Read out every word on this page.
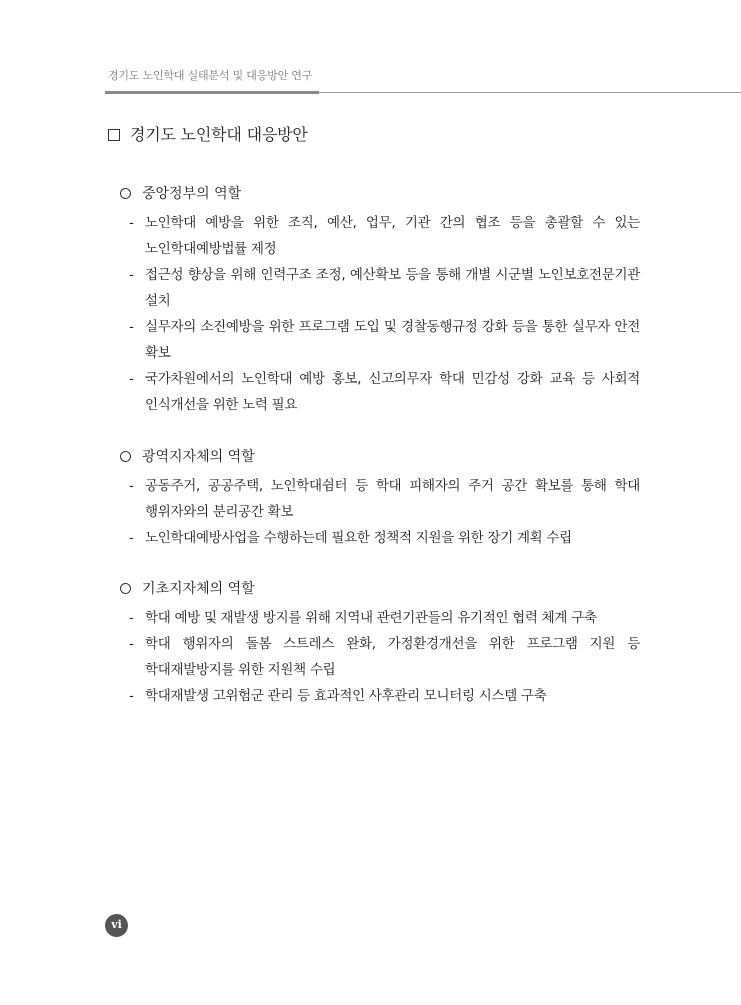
경기도 노인학대 실태분석 및 대응방안 연구
경기도 노인학대 대응방안
중앙정부의 역할
- 노인학대 예방을 위한 조직, 예산, 업무, 기관 간의 협조 등을 총괄할 수 있는 노인학대예방법률 제정
- 접근성 향상을 위해 인력구조 조정, 예산확보 등을 통해 개별 시군별 노인보호전문기관 설치
- 실무자의 소진예방을 위한 프로그램 도입 및 경찰동행규정 강화 등을 통한 실무자 안전 확보
- 국가차원에서의 노인학대 예방 홍보, 신고의무자 학대 민감성 강화 교육 등 사회적 인식개선을 위한 노력 필요
광역지자체의 역할
- 공동주거, 공공주택, 노인학대쉼터 등 학대 피해자의 주거 공간 확보를 통해 학대 행위자와의 분리공간 확보
- 노인학대예방사업을 수행하는데 필요한 정책적 지원을 위한 장기 계획 수립
기초지자체의 역할
- 학대 예방 및 재발생 방지를 위해 지역내 관련기관들의 유기적인 협력 체계 구축
- 학대 행위자의 돌봄 스트레스 완화, 가정환경개선을 위한 프로그램 지원 등 학대재발방지를 위한 지원책 수립
- 학대재발생 고위험군 관리 등 효과적인 사후관리 모니터링 시스템 구축
vi
